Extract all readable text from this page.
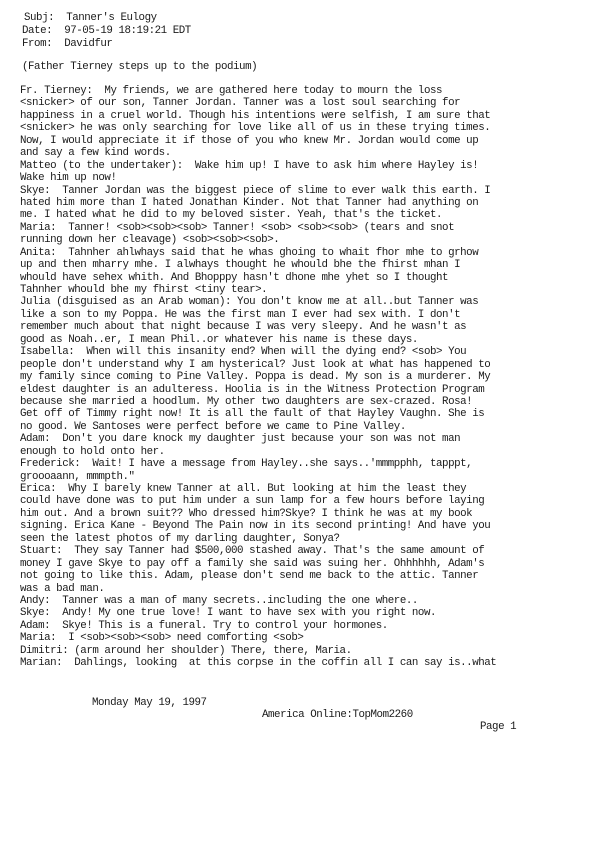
Subj:  Tanner's Eulogy
Date:  97-05-19 18:19:21 EDT
From:  Davidfur
(Father Tierney steps up to the podium)
Fr. Tierney:  My friends, we are gathered here today to mourn the loss
<snicker> of our son, Tanner Jordan. Tanner was a lost soul searching for
happiness in a cruel world. Though his intentions were selfish, I am sure that
<snicker> he was only searching for love like all of us in these trying times.
Now, I would appreciate it if those of you who knew Mr. Jordan would come up
and say a few kind words.
Matteo (to the undertaker):  Wake him up! I have to ask him where Hayley is!
Wake him up now!
Skye:  Tanner Jordan was the biggest piece of slime to ever walk this earth. I
hated him more than I hated Jonathan Kinder. Not that Tanner had anything on
me. I hated what he did to my beloved sister. Yeah, that's the ticket.
Maria:  Tanner! <sob><sob><sob> Tanner! <sob> <sob><sob> (tears and snot
running down her cleavage) <sob><sob><sob>.
Anita:  Tahnher ahlwhays said that he whas ghoing to whait fhor mhe to grhow
up and then mharry mhe. I alwhays thought he whould bhe the fhirst mhan I
whould have sehex whith. And Bhopppy hasn't dhone mhe yhet so I thought
Tahnher whould bhe my fhirst <tiny tear>.
Julia (disguised as an Arab woman): You don't know me at all..but Tanner was
like a son to my Poppa. He was the first man I ever had sex with. I don't
remember much about that night because I was very sleepy. And he wasn't as
good as Noah..er, I mean Phil..or whatever his name is these days.
Isabella:  When will this insanity end? When will the dying end? <sob> You
people don't understand why I am hysterical? Just look at what has happened to
my family since coming to Pine Valley. Poppa is dead. My son is a murderer. My
eldest daughter is an adulteress. Hoolia is in the Witness Protection Program
because she married a hoodlum. My other two daughters are sex-crazed. Rosa!
Get off of Timmy right now! It is all the fault of that Hayley Vaughn. She is
no good. We Santoses were perfect before we came to Pine Valley.
Adam:  Don't you dare knock my daughter just because your son was not man
enough to hold onto her.
Frederick:  Wait! I have a message from Hayley..she says..'mmmpphh, tapppt,
groooaann, mmmpth."
Erica:  Why I barely knew Tanner at all. But looking at him the least they
could have done was to put him under a sun lamp for a few hours before laying
him out. And a brown suit?? Who dressed him?Skye? I think he was at my book
signing. Erica Kane - Beyond The Pain now in its second printing! And have you
seen the latest photos of my darling daughter, Sonya?
Stuart:  They say Tanner had $500,000 stashed away. That's the same amount of
money I gave Skye to pay off a family she said was suing her. Ohhhhhh, Adam's
not going to like this. Adam, please don't send me back to the attic. Tanner
was a bad man.
Andy:  Tanner was a man of many secrets..including the one where..
Skye:  Andy! My one true love! I want to have sex with you right now.
Adam:  Skye! This is a funeral. Try to control your hormones.
Maria:  I <sob><sob><sob> need comforting <sob>
Dimitri: (arm around her shoulder) There, there, Maria.
Marian:  Dahlings, looking  at this corpse in the coffin all I can say is..what

Monday May 19, 1997

America Online:TopMom2260

Page 1
